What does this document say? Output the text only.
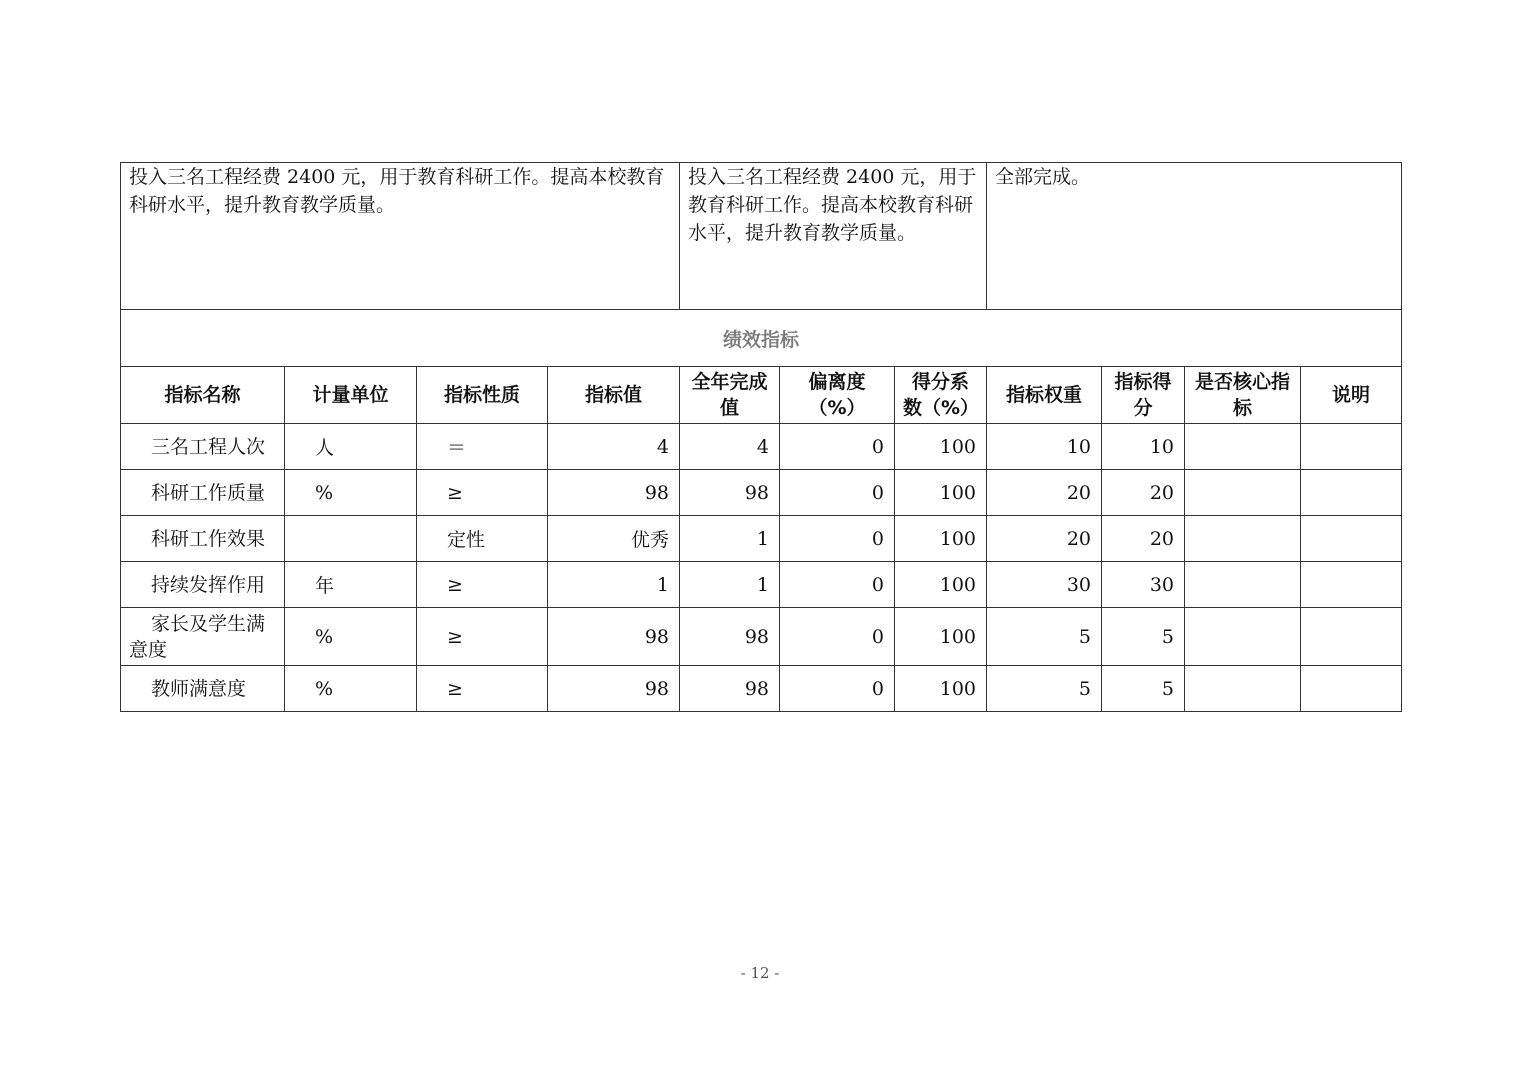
投入三名工程经费 2400 元，用于教育科研工作。提高本校教育科研水平，提升教育教学质量。				投入三名工程经费 2400 元，用于教育科研工作。提高本校教育科研水平，提升教育教学质量。			全部完成。			
绩效指标										
指标名称	计量单位	指标性质	指标值	全年完成值	偏离度（%）	得分系数（%）	指标权重	指标得分	是否核心指标	说明
三名工程人次	人	＝	4	4	0	100	10	10		
科研工作质量	%	≥	98	98	0	100	20	20		
科研工作效果		定性	优秀	1	0	100	20	20		
持续发挥作用	年	≥	1	1	0	100	30	30		
家长及学生满意度	%	≥	98	98	0	100	5	5		
教师满意度	%	≥	98	98	0	100	5	5		
- 12 -
